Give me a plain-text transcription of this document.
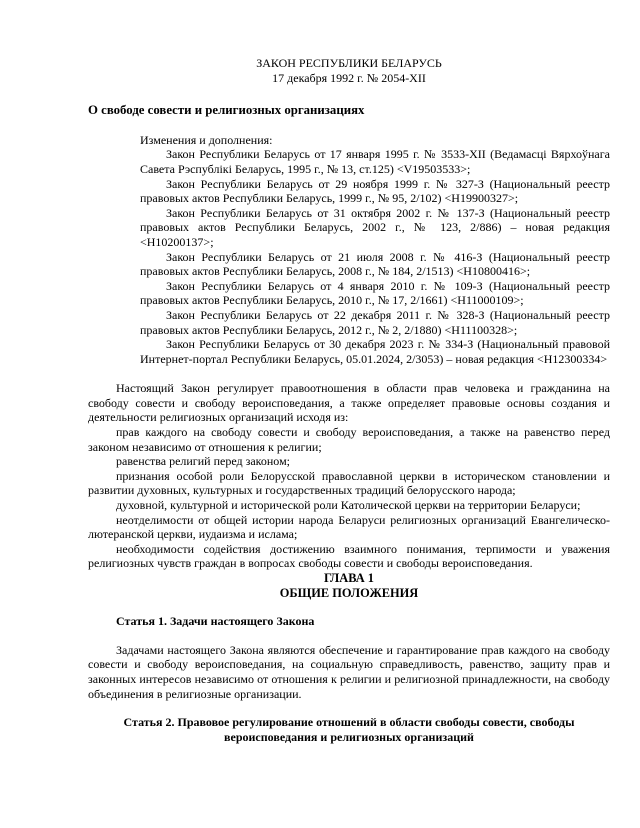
ЗАКОН РЕСПУБЛИКИ БЕЛАРУСЬ
17 декабря 1992 г. № 2054-XII
О свободе совести и религиозных организациях

Изменения и дополнения:

Закон Республики Беларусь от 17 января 1995 г. № 3533-XII (Ведамасці Вярхоўнага Савета Рэспублікі Беларусь, 1995 г., № 13, ст.125) <V19503533>;

Закон Республики Беларусь от 29 ноября 1999 г. № 327-З (Национальный реестр правовых актов Республики Беларусь, 1999 г., № 95, 2/102) <Н19900327>;

Закон Республики Беларусь от 31 октября 2002 г. № 137-З (Национальный реестр правовых актов Республики Беларусь, 2002 г., № 123, 2/886) – новая редакция <Н10200137>;

Закон Республики Беларусь от 21 июля 2008 г. № 416-З (Национальный реестр правовых актов Республики Беларусь, 2008 г., № 184, 2/1513) <Н10800416>;

Закон Республики Беларусь от 4 января 2010 г. № 109-З (Национальный реестр правовых актов Республики Беларусь, 2010 г., № 17, 2/1661) <Н11000109>;

Закон Республики Беларусь от 22 декабря 2011 г. № 328-З (Национальный реестр правовых актов Республики Беларусь, 2012 г., № 2, 2/1880) <Н11100328>;

Закон Республики Беларусь от 30 декабря 2023 г. № 334-З (Национальный правовой Интернет-портал Республики Беларусь, 05.01.2024, 2/3053) – новая редакция <Н12300334>

Настоящий Закон регулирует правоотношения в области прав человека и гражданина на свободу совести и свободу вероисповедания, а также определяет правовые основы создания и деятельности религиозных организаций исходя из:

прав каждого на свободу совести и свободу вероисповедания, а также на равенство перед законом независимо от отношения к религии;

равенства религий перед законом;

признания особой роли Белорусской православной церкви в историческом становлении и развитии духовных, культурных и государственных традиций белорусского народа;

духовной, культурной и исторической роли Католической церкви на территории Беларуси;

неотделимости от общей истории народа Беларуси религиозных организаций Евангелическо-лютеранской церкви, иудаизма и ислама;

необходимости содействия достижению взаимного понимания, терпимости и уважения религиозных чувств граждан в вопросах свободы совести и свободы вероисповедания.

ГЛАВА 1
ОБЩИЕ ПОЛОЖЕНИЯ
Статья 1. Задачи настоящего Закона

Задачами настоящего Закона являются обеспечение и гарантирование прав каждого на свободу совести и свободу вероисповедания, на социальную справедливость, равенство, защиту прав и законных интересов независимо от отношения к религии и религиозной принадлежности, на свободу объединения в религиозные организации.

Статья 2. Правовое регулирование отношений в области свободы совести, свободы вероисповедания и религиозных организаций
